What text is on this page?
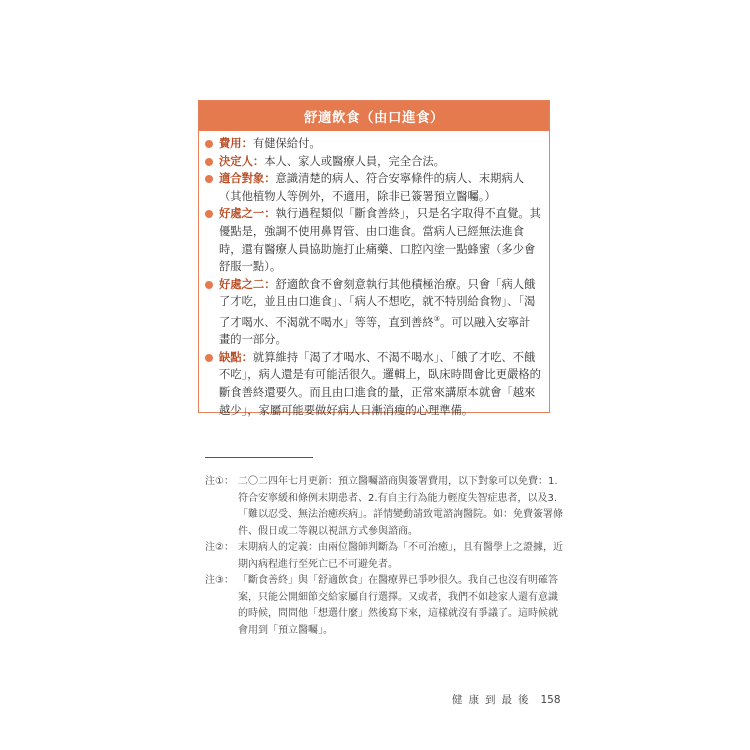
舒適飲食（由口進食）
費用：有健保給付。
決定人：本人、家人或醫療人員，完全合法。
適合對象：意識清楚的病人、符合安寧條件的病人、末期病人（其他植物人等例外，不適用，除非已簽署預立醫囑。）
好處之一：執行過程類似「斷食善終」，只是名字取得不直覺。其優點是，強調不使用鼻胃管、由口進食。當病人已經無法進食時，還有醫療人員協助施打止痛藥、口腔內塗一點蜂蜜（多少會舒服一點）。
好處之二：舒適飲食不會刻意執行其他積極治療。只會「病人餓了才吃，並且由口進食」、「病人不想吃，就不特別給食物」、「渴了才喝水、不渴就不喝水」等等，直到善終③。可以融入安寧計畫的一部分。
缺點：就算維持「渴了才喝水、不渴不喝水」、「餓了才吃、不餓不吃」，病人還是有可能活很久。邏輯上，臥床時間會比更嚴格的斷食善終還要久。而且由口進食的量，正常來講原本就會「越來越少」，家屬可能要做好病人日漸消瘦的心理準備。
注①： 二〇二四年七月更新：預立醫囑諮商與簽署費用，以下對象可以免費：1.符合安寧緩和條例末期患者、2.有自主行為能力輕度失智症患者，以及3.「難以忍受、無法治癒疾病」。詳情變動請致電諮詢醫院。如：免費簽署條件、假日或二等親以視訊方式參與諮商。
注②： 末期病人的定義：由兩位醫師判斷為「不可治癒」，且有醫學上之證據，近期內病程進行至死亡已不可避免者。
注③： 「斷食善終」與「舒適飲食」在醫療界已爭吵很久。我自己也沒有明確答案，只能公開細節交給家屬自行選擇。又或者，我們不如趁家人還有意識的時候，問問他「想選什麼」然後寫下來，這樣就沒有爭議了。這時候就會用到「預立醫囑」。
健康到最後 158
